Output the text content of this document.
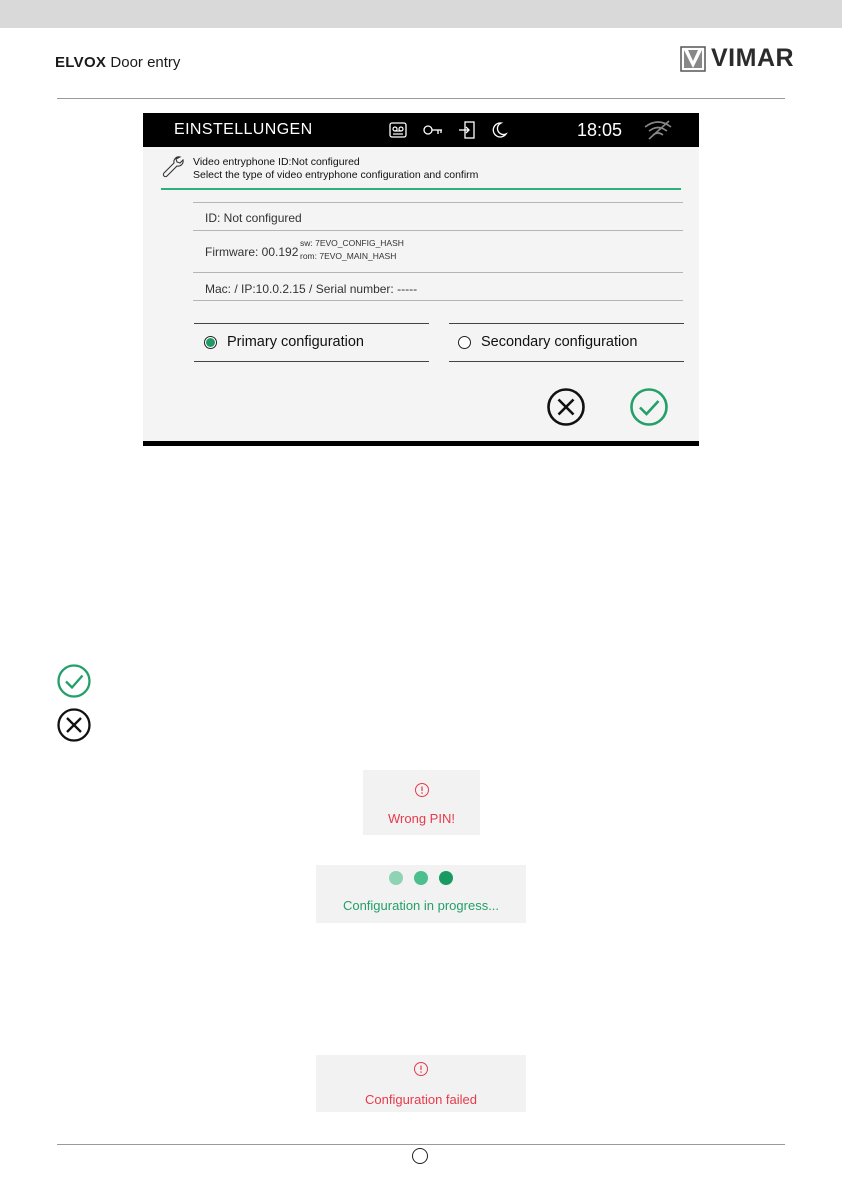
ELVOX Door entry	VIMAR
EINSTELLUNGEN	18:05
Video entryphone ID:Not configured
Select the type of video entryphone configuration and confirm
ID: Not configured
Firmware: 00.192
sw: 7EVO_CONFIG_HASH
rom: 7EVO_MAIN_HASH
Mac: / IP:10.0.2.15 / Serial number: -----
Primary configuration	Secondary configuration
Wrong PIN!
Configuration in progress...
Configuration failed
